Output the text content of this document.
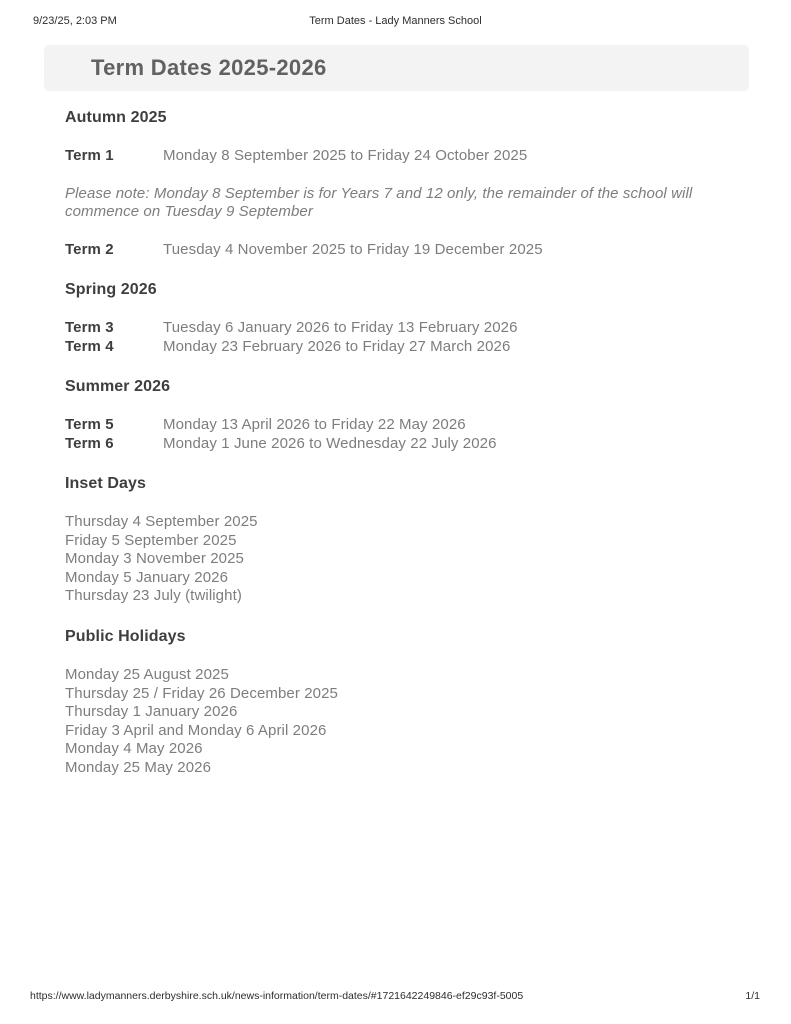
9/23/25, 2:03 PM	Term Dates - Lady Manners School
Term Dates 2025-2026
Autumn 2025
Term 1	Monday 8 September 2025 to Friday 24 October 2025
Please note: Monday 8 September is for Years 7 and 12 only, the remainder of the school will commence on Tuesday 9 September
Term 2	Tuesday 4 November 2025 to Friday 19 December 2025
Spring 2026
Term 3	Tuesday 6 January 2026 to Friday 13 February 2026
Term 4	Monday 23 February 2026 to Friday 27 March 2026
Summer 2026
Term 5	Monday 13 April 2026 to Friday 22 May 2026
Term 6	Monday 1 June 2026 to Wednesday 22 July 2026
Inset Days
Thursday 4 September 2025
Friday 5 September 2025
Monday 3 November 2025
Monday 5 January 2026
Thursday 23 July (twilight)
Public Holidays
Monday 25 August 2025
Thursday 25 / Friday 26 December 2025
Thursday 1 January 2026
Friday 3 April and Monday 6 April 2026
Monday 4 May 2026
Monday 25 May 2026
https://www.ladymanners.derbyshire.sch.uk/news-information/term-dates/#1721642249846-ef29c93f-5005	1/1
